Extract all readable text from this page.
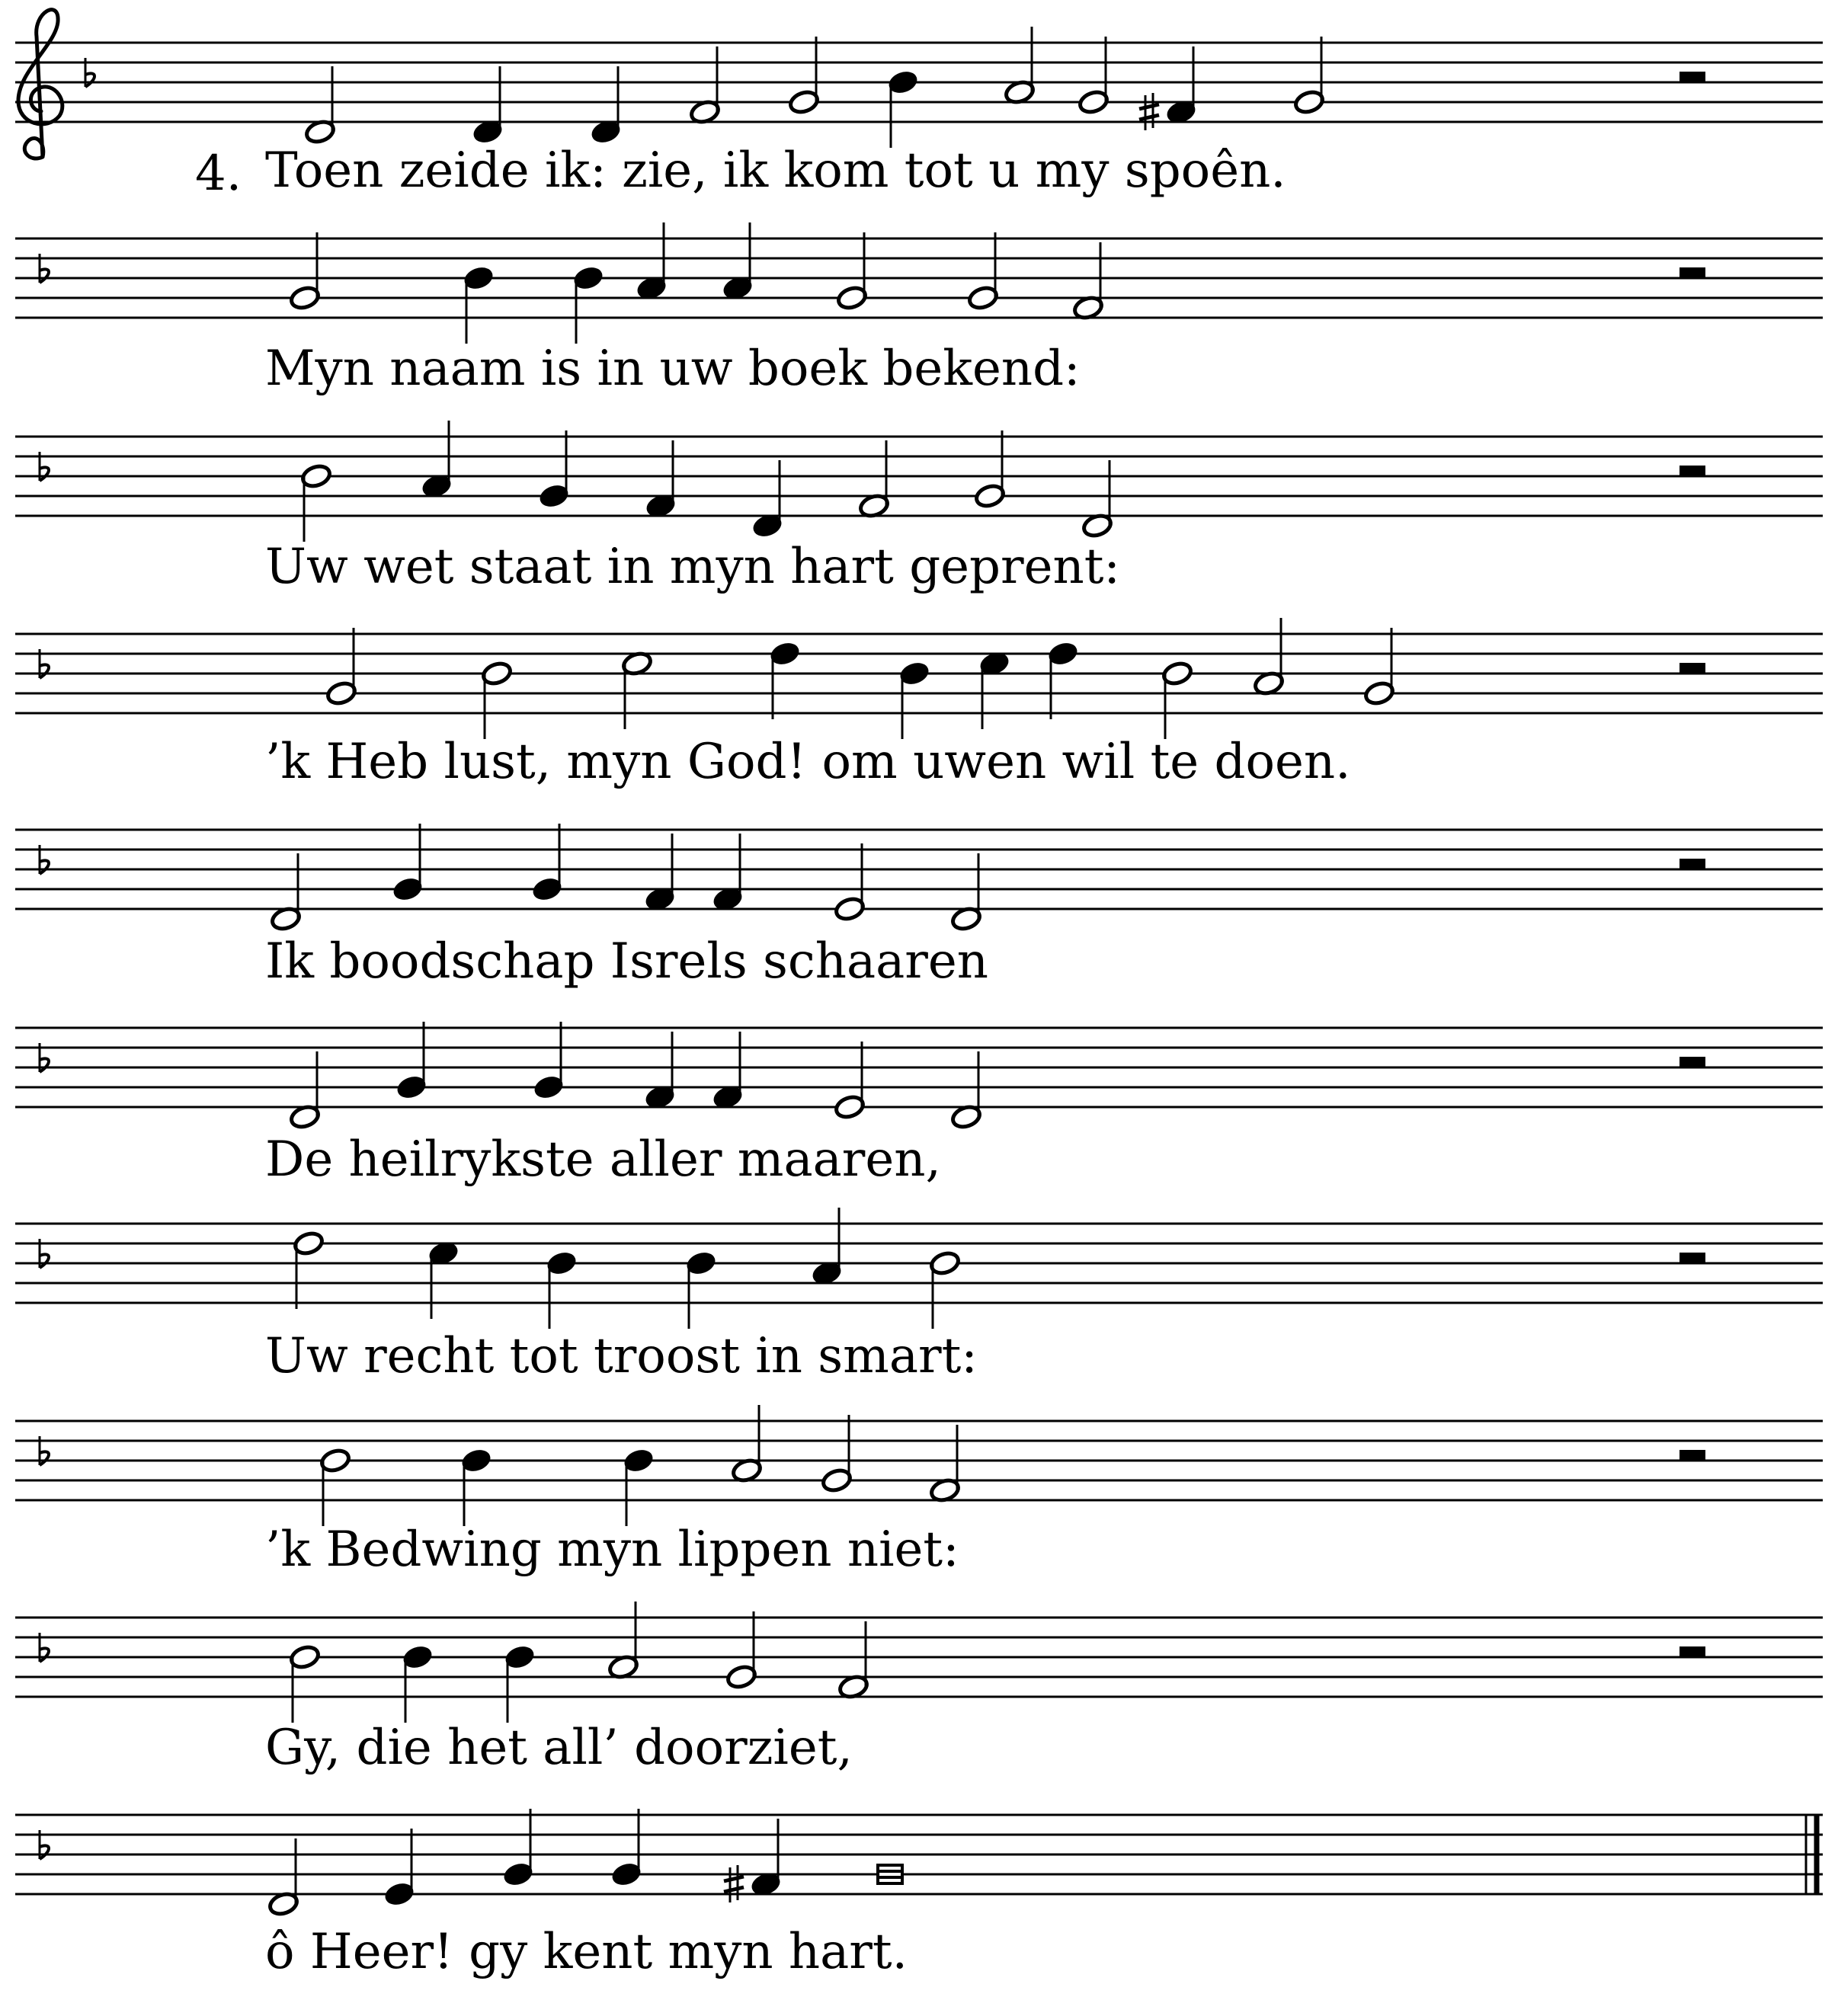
4. Toen zeide ik: zie, ik kom tot u my spoên.
Myn naam is in uw boek bekend:
Uw wet staat in myn hart geprent:
’k Heb lust, myn God! om uwen wil te doen.
Ik boodschap Isrels schaaren
De heilrykste aller maaren,
Uw recht tot troost in smart:
’k Bedwing myn lippen niet:
Gy, die het all’ doorziet,
ô Heer! gy kent myn hart.
